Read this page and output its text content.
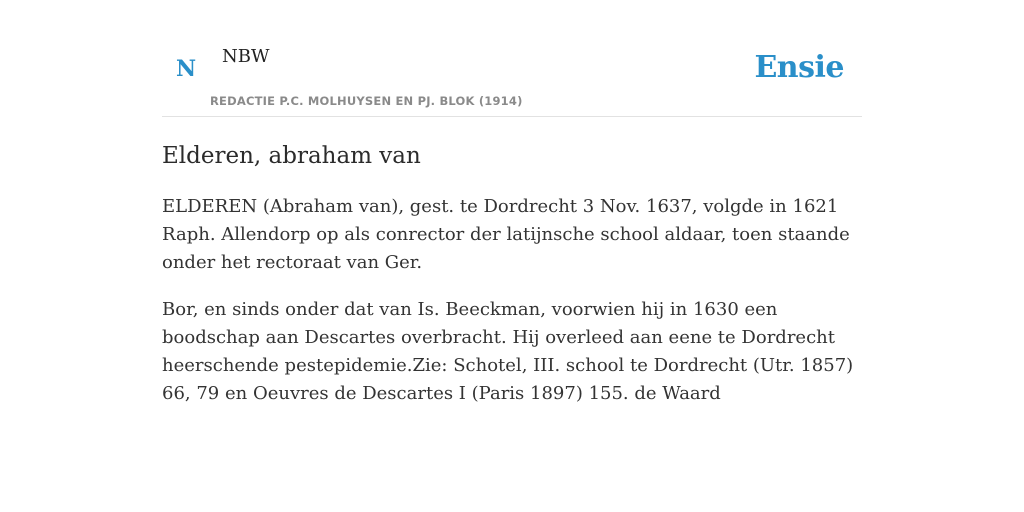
N NBW
REDACTIE P.C. MOLHUYSEN EN PJ. BLOK (1914)
Ensie
Elderen, abraham van

ELDEREN (Abraham van), gest. te Dordrecht 3 Nov. 1637, volgde in 1621 Raph. Allendorp op als conrector der latijnsche school aldaar, toen staande onder het rectoraat van Ger.

Bor, en sinds onder dat van Is. Beeckman, voorwien hij in 1630 een boodschap aan Descartes overbracht. Hij overleed aan eene te Dordrecht heerschende pestepidemie.Zie: Schotel, III. school te Dordrecht (Utr. 1857) 66, 79 en Oeuvres de Descartes I (Paris 1897) 155. de Waard
